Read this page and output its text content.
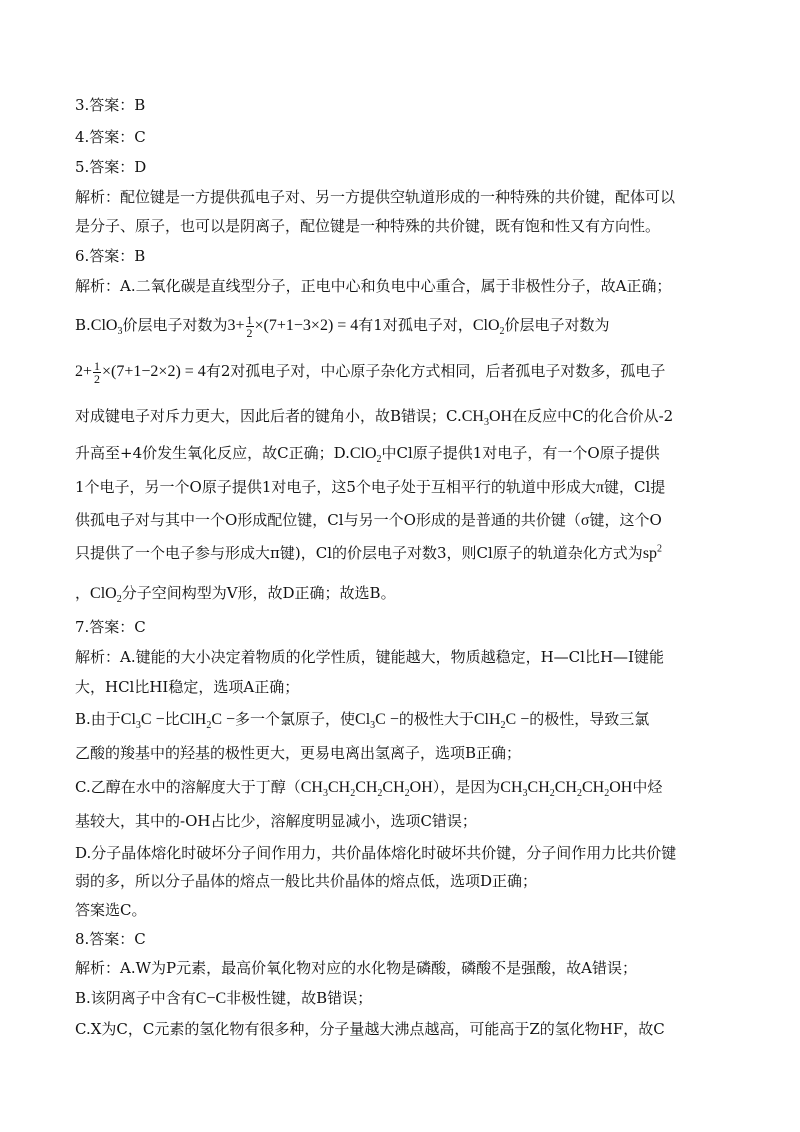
3.答案：B
4.答案：C
5.答案：D
解析：配位键是一方提供孤电子对、另一方提供空轨道形成的一种特殊的共价键，配体可以
是分子、原子，也可以是阴离子，配位键是一种特殊的共价键，既有饱和性又有方向性。
6.答案：B
解析：A.二氧化碳是直线型分子，正电中心和负电中心重合，属于非极性分子，故A正确；
B.ClO$_3$价层电子对数为$3+ \frac{1}{2} \times(7+1-3\times 2) = 4$有1对孤电子对，ClO$_2$价层电子对数为
$2+ \frac{1}{2} \times(7+1-2\times 2) = 4$有2对孤电子对，中心原子杂化方式相同，后者孤电子对数多，孤电子
对成键电子对斥力更大，因此后者的键角小，故B错误；$C.CH_3OH$在反应中C的化合价从-2
升高至+4价发生氧化反应，故C正确；D.ClO$_2$中Cl原子提供1对电子，有一个O原子提供
1个电子，另一个O原子提供1对电子，这5个电子处于互相平行的轨道中形成大π键，Cl提
供孤电子对与其中一个O形成配位键，Cl与另一个O形成的是普通的共价键（σ键，这个O
只提供了一个电子参与形成大π键)，Cl的价层电子对数3，则Cl原子的轨道杂化方式为$sp^2$
，ClO$_2$分子空间构型为V形，故D正确；故选B。
7.答案：C
解析：A.键能的大小决定着物质的化学性质，键能越大，物质越稳定，H—Cl比H—I键能
大，HCl比HI稳定，选项A正确；
B.由于$Cl_3C$ −比ClH$_2$C −多一个氯原子，使$Cl_3C$ −的极性大于ClH$_2$C −的极性，导致三氯
乙酸的羧基中的羟基的极性更大，更易电离出氢离子，选项B正确；
C.乙醇在水中的溶解度大于丁醇$(CH_3CH_2CH_2CH_2OH)$，是因为$CH_3CH_2CH_2CH_2OH$中烃
基较大，其中的-OH占比少，溶解度明显减小，选项C错误；
D.分子晶体熔化时破坏分子间作用力，共价晶体熔化时破坏共价键，分子间作用力比共价键
弱的多，所以分子晶体的熔点一般比共价晶体的熔点低，选项D正确；
答案选C。
8.答案：C
解析：A.W为P元素，最高价氧化物对应的水化物是磷酸，磷酸不是强酸，故A错误；
B.该阴离子中含有C−C非极性键，故B错误；
C.X为C，C元素的氢化物有很多种，分子量越大沸点越高，可能高于Z的氢化物HF，故C
